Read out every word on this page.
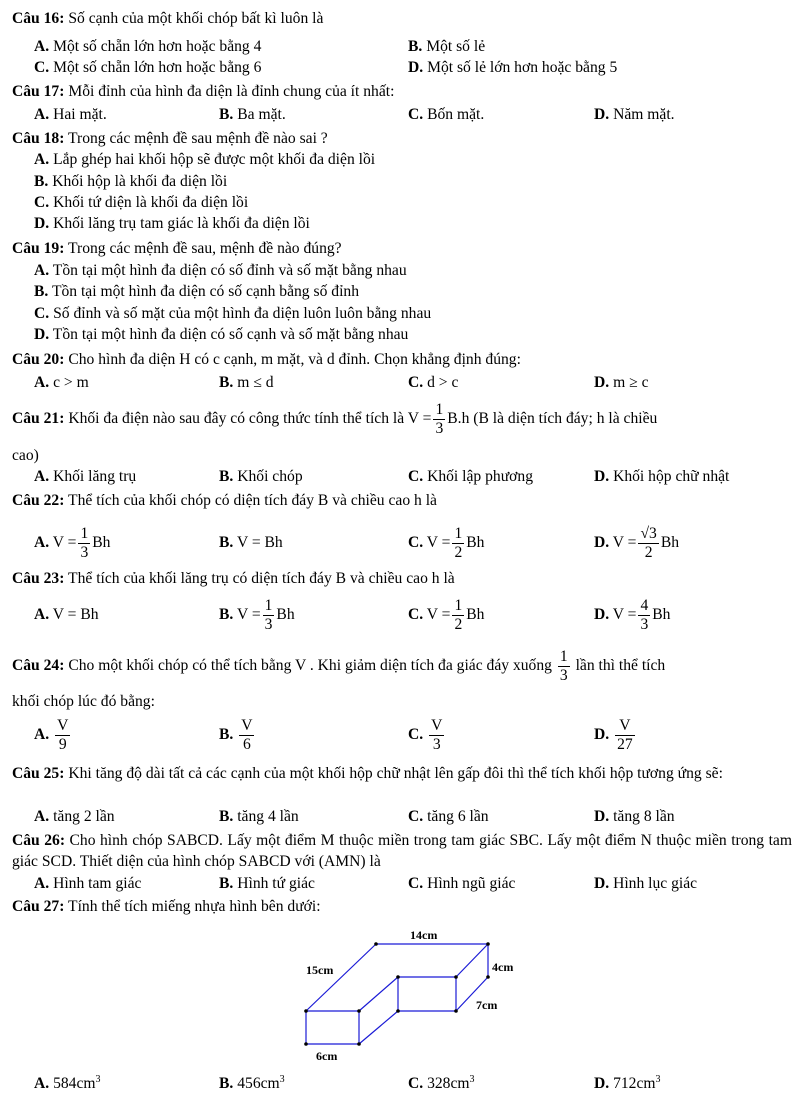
Câu 16: Số cạnh của một khối chóp bất kì luôn là
A. Một số chẵn lớn hơn hoặc bằng 4	B. Một số lẻ
C. Một số chẵn lớn hơn hoặc bằng 6	D. Một số lẻ lớn hơn hoặc bằng 5
Câu 17: Mỗi đỉnh của hình đa diện là đỉnh chung của ít nhất:
A. Hai mặt.	B. Ba mặt.	C. Bốn mặt.	D. Năm mặt.
Câu 18: Trong các mệnh đề sau mệnh đề nào sai ?
A. Lắp ghép hai khối hộp sẽ được một khối đa diện lồi
B. Khối hộp là khối đa diện lồi
C. Khối tứ diện là khối đa diện lồi
D. Khối lăng trụ tam giác là khối đa diện lồi
Câu 19: Trong các mệnh đề sau, mệnh đề nào đúng?
A. Tồn tại một hình đa diện có số đỉnh và số mặt bằng nhau
B. Tồn tại một hình đa diện có số cạnh bằng số đỉnh
C. Số đỉnh và số mặt của một hình đa diện luôn luôn bằng nhau
D. Tồn tại một hình đa diện có số cạnh và số mặt bằng nhau
Câu 20: Cho hình đa diện H có c cạnh, m mặt, và d đỉnh. Chọn khẳng định đúng:
A. c > m	B. m ≤ d	C. d > c	D. m ≥ c
Câu 21: Khối đa điện nào sau đây có công thức tính thể tích là $V = \frac{1}{3} B.h$ (B là diện tích đáy; h là chiều
cao)
A. Khối lăng trụ	B. Khối chóp	C. Khối lập phương	D. Khối hộp chữ nhật
Câu 22: Thể tích của khối chóp có diện tích đáy B và chiều cao h là
A. $V = \frac{1}{3}$ Bh	B. V = Bh	C. $V = \frac{1}{2}$ Bh	D. $V = \frac{√3}{2}$ Bh
Câu 23: Thể tích của khối lăng trụ có diện tích đáy B và chiều cao h là
A. V = Bh	B. $V = \frac{1}{3}$ Bh	C. $V = \frac{1}{2}$ Bh	D. $V = \frac{4}{3}$ Bh
Câu 24: Cho một khối chóp có thể tích bằng V . Khi giảm diện tích đa giác đáy xuống $\frac{1}{3}$ lần thì thể tích
khối chóp lúc đó bằng:
A. $\frac{V}{9}$	B. $\frac{V}{6}$	C. $\frac{V}{3}$	D. $\frac{V}{27}$
Câu 25: Khi tăng độ dài tất cả các cạnh của một khối hộp chữ nhật lên gấp đôi thì thể tích khối hộp tương ứng sẽ:
A. tăng 2 lần	B. tăng 4 lần	C. tăng 6 lần	D. tăng 8 lần
Câu 26: Cho hình chóp SABCD. Lấy một điểm M thuộc miền trong tam giác SBC. Lấy một điểm N thuộc miền trong tam giác SCD. Thiết diện của hình chóp SABCD với (AMN) là
A. Hình tam giác	B. Hình tứ giác	C. Hình ngũ giác	D. Hình lục giác
Câu 27: Tính thể tích miếng nhựa hình bên dưới:
14cm
15cm	4cm
7cm
6cm
A. $584cm^3$	B. $456cm^3$	C. $328cm^3$	D. $712cm^3$
